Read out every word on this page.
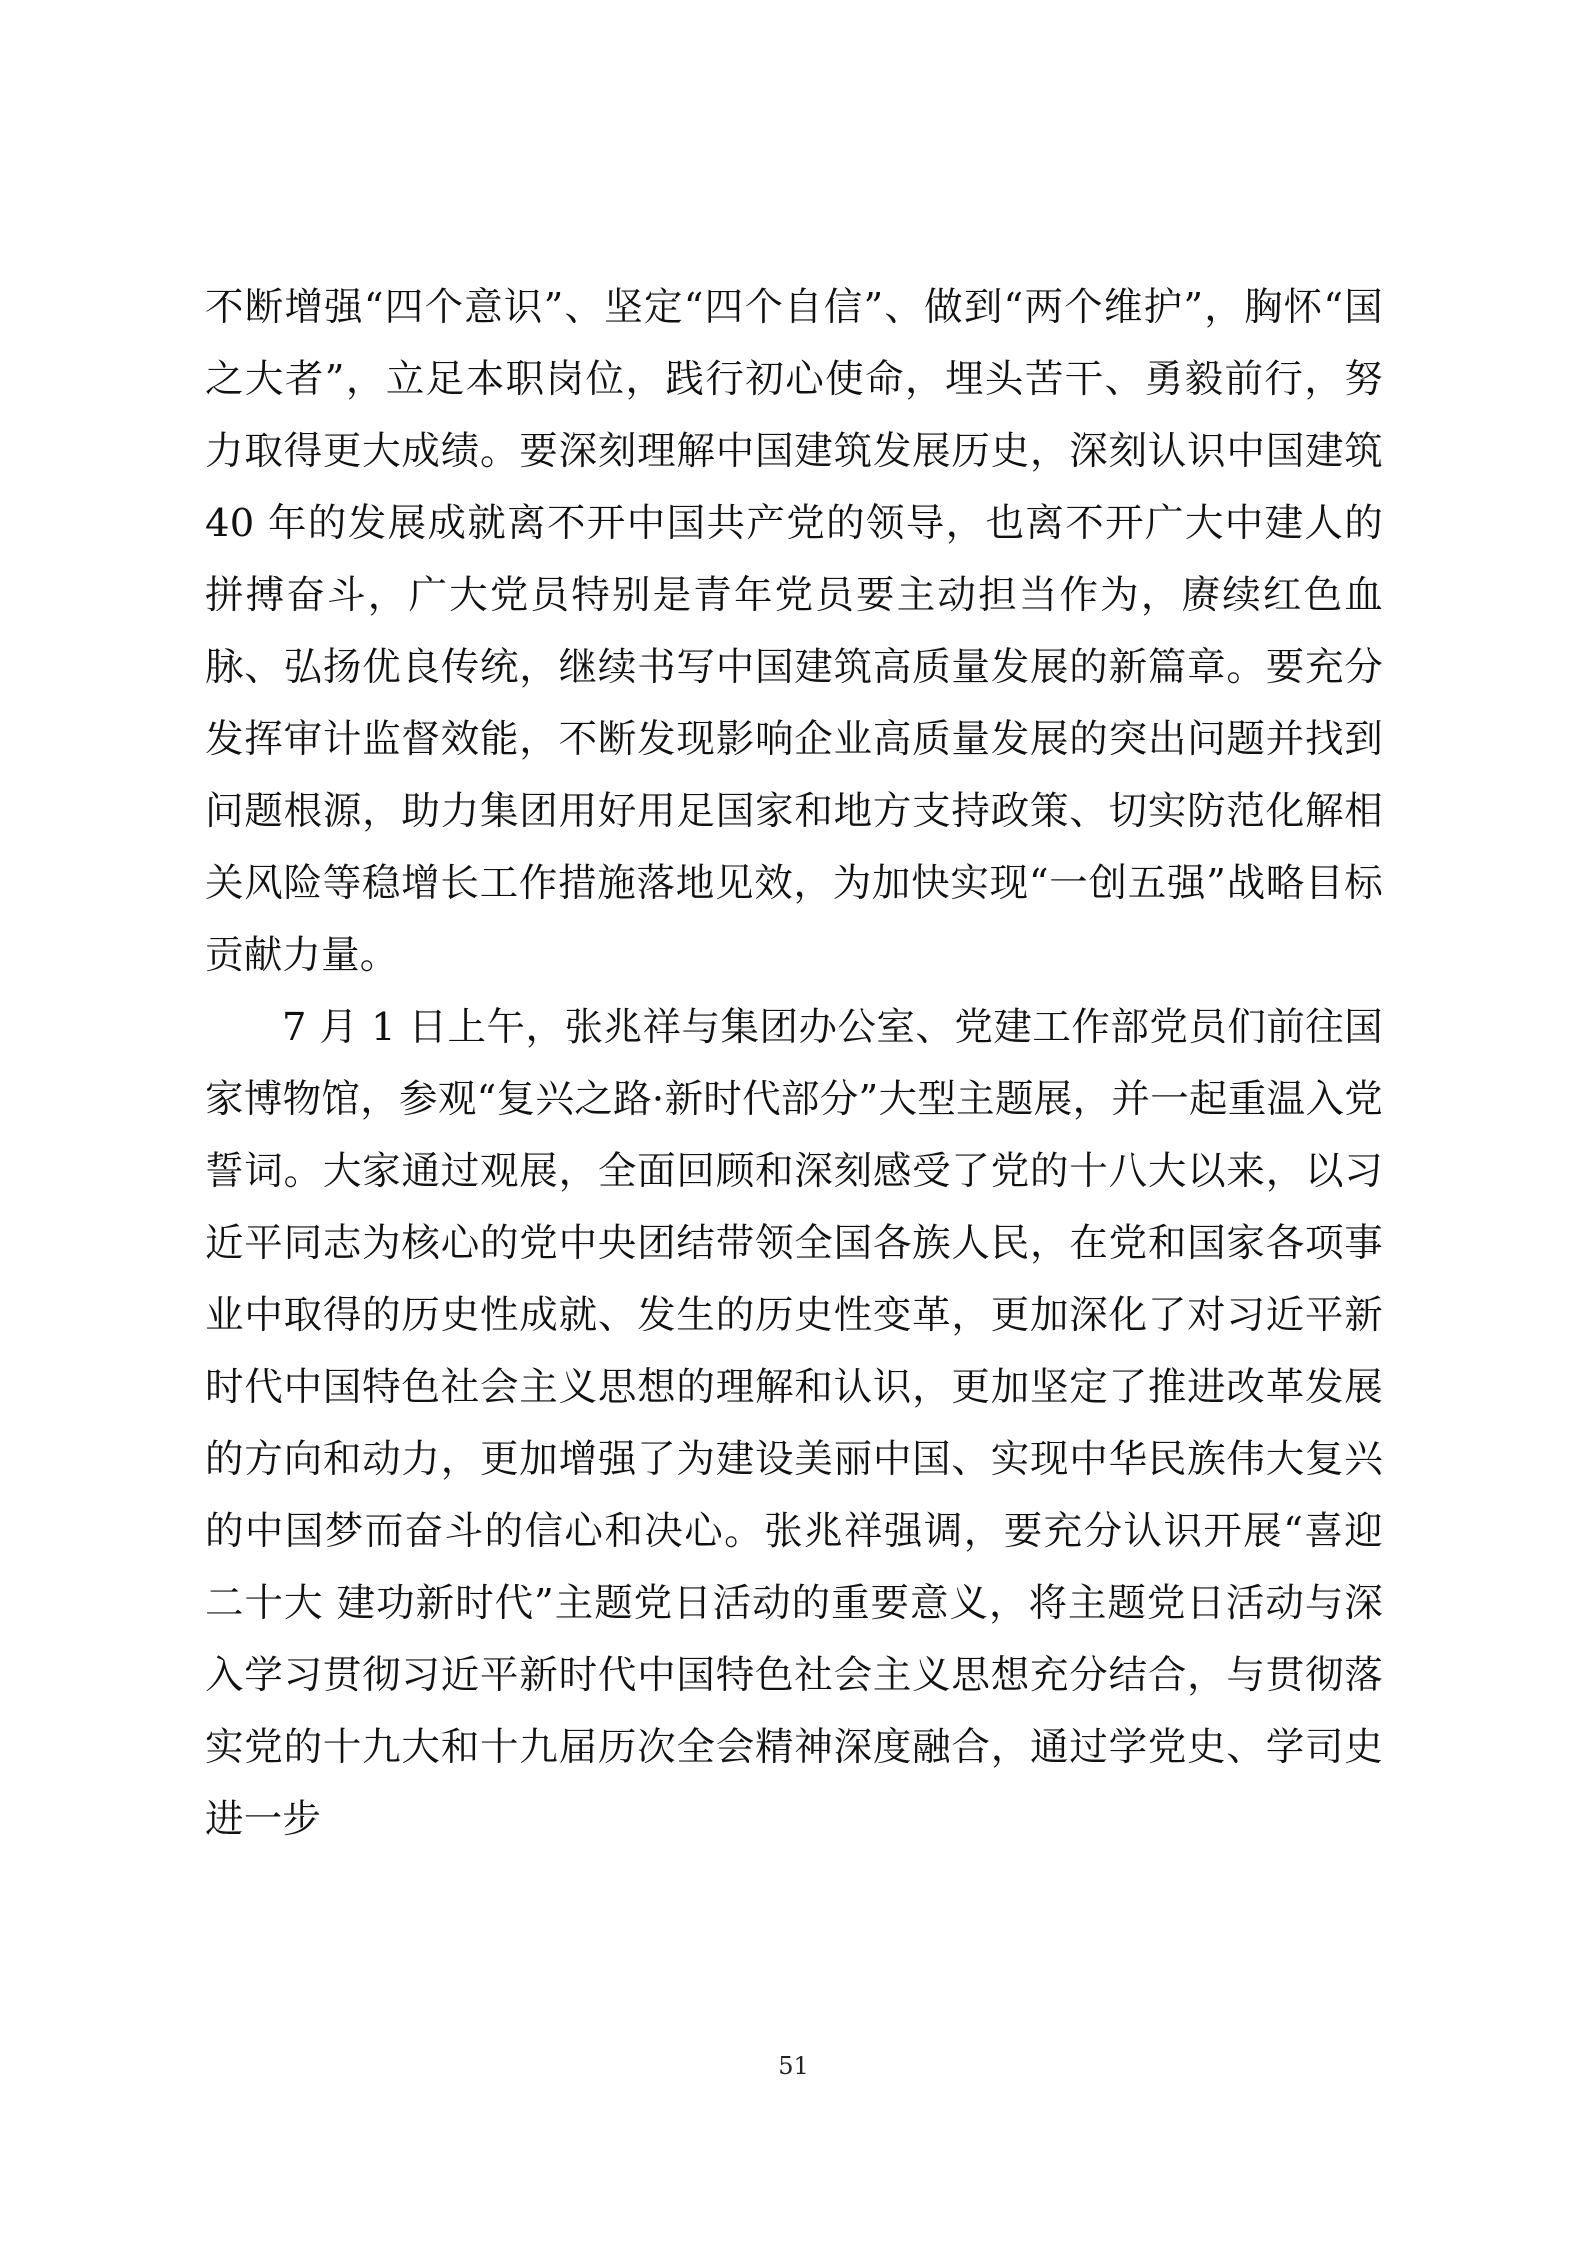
不断增强“四个意识”、坚定“四个自信”、做到“两个维护”，胸怀“国之大者”，立足本职岗位，践行初心使命，埋头苦干、勇毅前行，努力取得更大成绩。要深刻理解中国建筑发展历史，深刻认识中国建筑 40 年的发展成就离不开中国共产党的领导，也离不开广大中建人的拼搏奋斗，广大党员特别是青年党员要主动担当作为，赓续红色血脉、弘扬优良传统，继续书写中国建筑高质量发展的新篇章。要充分发挥审计监督效能，不断发现影响企业高质量发展的突出问题并找到问题根源，助力集团用好用足国家和地方支持政策、切实防范化解相关风险等稳增长工作措施落地见效，为加快实现“一创五强”战略目标贡献力量。

7 月 1 日上午，张兆祥与集团办公室、党建工作部党员们前往国家博物馆，参观“复兴之路·新时代部分”大型主题展，并一起重温入党誓词。大家通过观展，全面回顾和深刻感受了党的十八大以来，以习近平同志为核心的党中央团结带领全国各族人民，在党和国家各项事业中取得的历史性成就、发生的历史性变革，更加深化了对习近平新时代中国特色社会主义思想的理解和认识，更加坚定了推进改革发展的方向和动力，更加增强了为建设美丽中国、实现中华民族伟大复兴的中国梦而奋斗的信心和决心。张兆祥强调，要充分认识开展“喜迎二十大 建功新时代”主题党日活动的重要意义，将主题党日活动与深入学习贯彻习近平新时代中国特色社会主义思想充分结合，与贯彻落实党的十九大和十九届历次全会精神深度融合，通过学党史、学司史进一步

51
